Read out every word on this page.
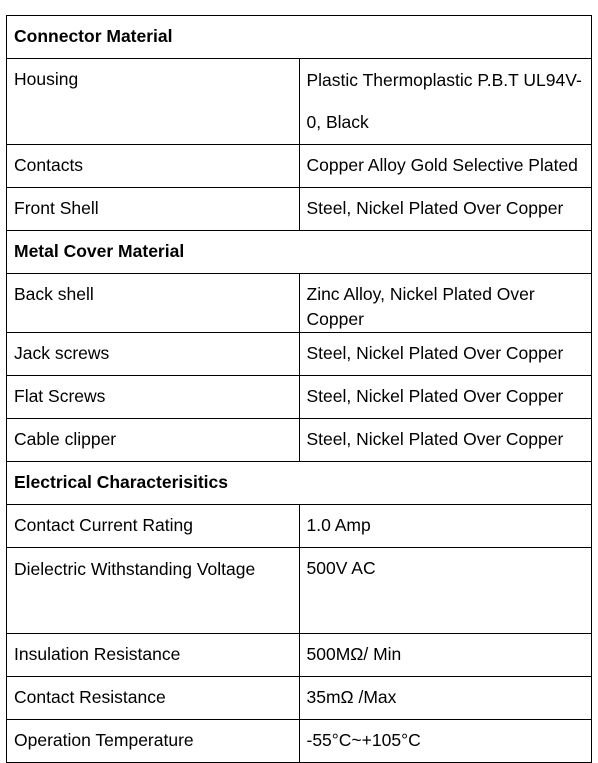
Connector Material	

Housing	Plastic Thermoplastic P.B.T UL94V-0, Black

Contacts	Copper Alloy Gold Selective Plated
Front Shell	Steel, Nickel Plated Over Copper
Metal Cover Material	
Back shell	Zinc Alloy, Nickel Plated Over Copper
Jack screws	Steel, Nickel Plated Over Copper
Flat Screws	Steel, Nickel Plated Over Copper
Cable clipper	Steel, Nickel Plated Over Copper
Electrical Characterisitics	
Contact Current Rating	1.0 Amp

Dielectric Withstanding Voltage	500V AC

Insulation Resistance	500MΩ/ Min
Contact Resistance	35mΩ /Max
Operation Temperature	-55°C~+105°C
